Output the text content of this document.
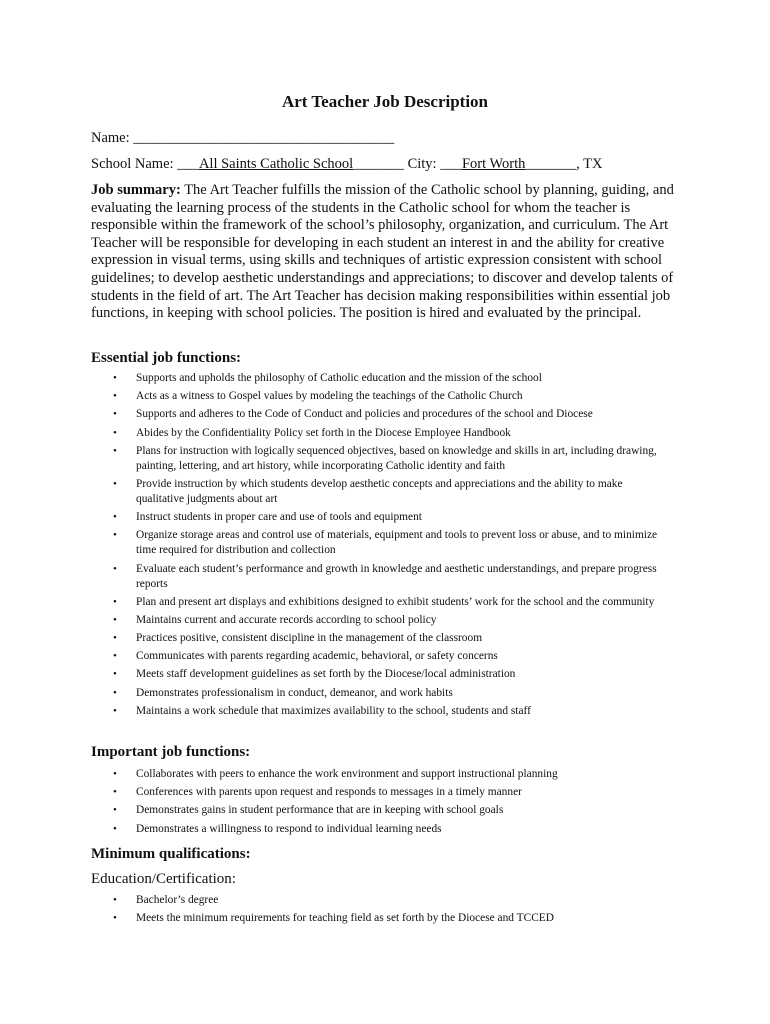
Art Teacher Job Description
Name: ____________________________________
School Name: ___All Saints Catholic School_______ City: ___Fort Worth_______, TX
Job summary: The Art Teacher fulfills the mission of the Catholic school by planning, guiding, and evaluating the learning process of the students in the Catholic school for whom the teacher is responsible within the framework of the school’s philosophy, organization, and curriculum. The Art Teacher will be responsible for developing in each student an interest in and the ability for creative expression in visual terms, using skills and techniques of artistic expression consistent with school guidelines; to develop aesthetic understandings and appreciations; to discover and develop talents of students in the field of art. The Art Teacher has decision making responsibilities within essential job functions, in keeping with school policies. The position is hired and evaluated by the principal.
Essential job functions:
• Supports and upholds the philosophy of Catholic education and the mission of the school
• Acts as a witness to Gospel values by modeling the teachings of the Catholic Church
• Supports and adheres to the Code of Conduct and policies and procedures of the school and Diocese
• Abides by the Confidentiality Policy set forth in the Diocese Employee Handbook
• Plans for instruction with logically sequenced objectives, based on knowledge and skills in art, including drawing, painting, lettering, and art history, while incorporating Catholic identity and faith
• Provide instruction by which students develop aesthetic concepts and appreciations and the ability to make qualitative judgments about art
• Instruct students in proper care and use of tools and equipment
• Organize storage areas and control use of materials, equipment and tools to prevent loss or abuse, and to minimize time required for distribution and collection
• Evaluate each student’s performance and growth in knowledge and aesthetic understandings, and prepare progress reports
• Plan and present art displays and exhibitions designed to exhibit students’ work for the school and the community
• Maintains current and accurate records according to school policy
• Practices positive, consistent discipline in the management of the classroom
• Communicates with parents regarding academic, behavioral, or safety concerns
• Meets staff development guidelines as set forth by the Diocese/local administration
• Demonstrates professionalism in conduct, demeanor, and work habits
• Maintains a work schedule that maximizes availability to the school, students and staff
Important job functions:
• Collaborates with peers to enhance the work environment and support instructional planning
• Conferences with parents upon request and responds to messages in a timely manner
• Demonstrates gains in student performance that are in keeping with school goals
• Demonstrates a willingness to respond to individual learning needs
Minimum qualifications:
Education/Certification:
• Bachelor’s degree
• Meets the minimum requirements for teaching field as set forth by the Diocese and TCCED
